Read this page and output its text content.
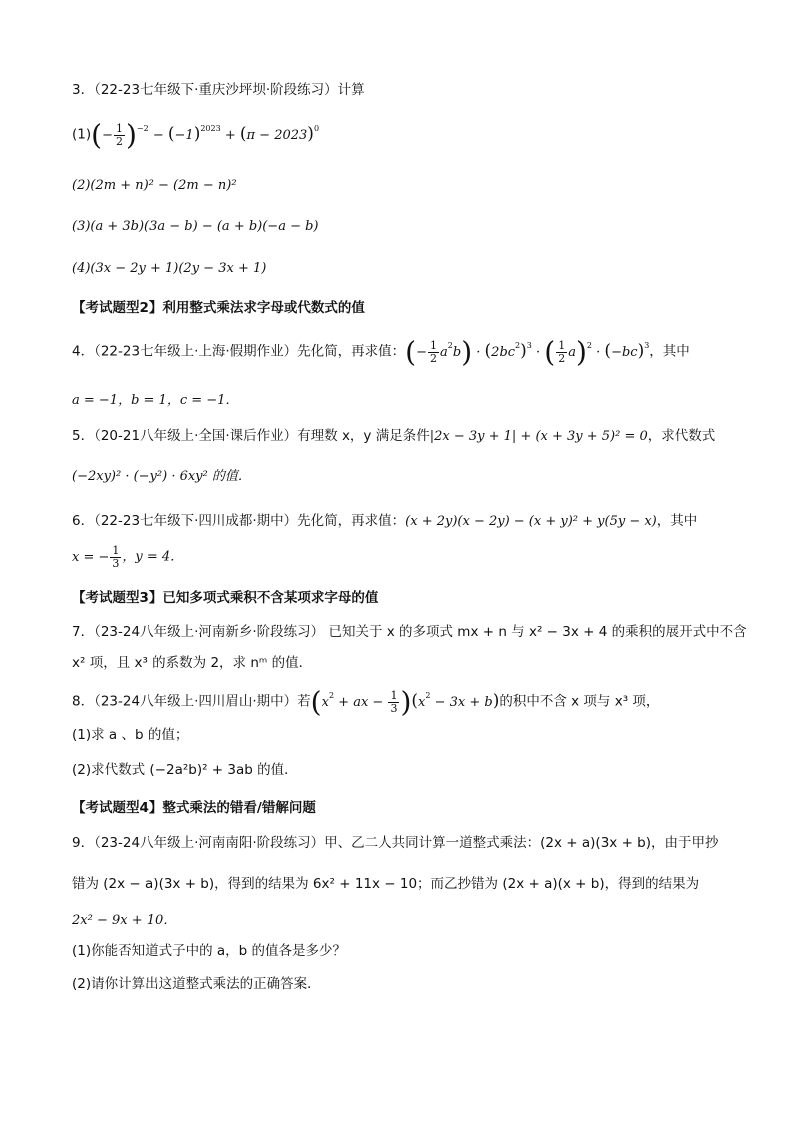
3．（22-23七年级下·重庆沙坪坝·阶段练习）计算
$(1)(- \frac{1}{2} )^{-2} - (-1)^{2023} + (\pi - 2023)^0$
(2)(2m + n)² − (2m − n)²
(3)(a + 3b)(3a − b) − (a + b)(−a − b)
(4)(3x − 2y + 1)(2y − 3x + 1)
【考试题型2】利用整式乘法求字母或代数式的值
4．（22-23七年级上·上海·假期作业）先化简，再求值：(− $\frac{1}{2} a^2b) \cdot (2bc^2)^3$ · ( $\frac{1}{2} a)^2 \cdot (-bc)^3$，其中
a = −1，b = 1，c = −1．
5．（20-21八年级上·全国·课后作业）有理数 x，y 满足条件|2x − 3y + 1| + (x + 3y + 5)² = 0，求代数式
(−2xy)² · (−y²) · 6xy² 的值．
6．（22-23七年级下·四川成都·期中）先化简，再求值：(x + 2y)(x − 2y) − (x + y)² + y(5y − x)，其中
x = − $\frac{1}{3}$ ，y = 4．
【考试题型3】已知多项式乘积不含某项求字母的值
7．（23-24八年级上·河南新乡·阶段练习） 已知关于 x 的多项式 mx + n 与 x² − 3x + 4 的乘积的展开式中不含
x² 项，且 x³ 的系数为 2，求 nᵐ 的值．
8．（23-24八年级上·四川眉山·期中）若($x^2$ + ax − $\frac{1}{3} )(x^2 - 3x + b)$的积中不含 x 项与 x³ 项，
(1)求 a 、b 的值；
(2)求代数式 (−2a²b)² + 3ab 的值．
【考试题型4】整式乘法的错看/错解问题
9．（23-24八年级上·河南南阳·阶段练习）甲、乙二人共同计算一道整式乘法：(2x + a)(3x + b)，由于甲抄
错为 (2x − a)(3x + b)，得到的结果为 6x² + 11x − 10；而乙抄错为 (2x + a)(x + b)，得到的结果为
2x² − 9x + 10．
(1)你能否知道式子中的 a，b 的值各是多少？
(2)请你计算出这道整式乘法的正确答案．
